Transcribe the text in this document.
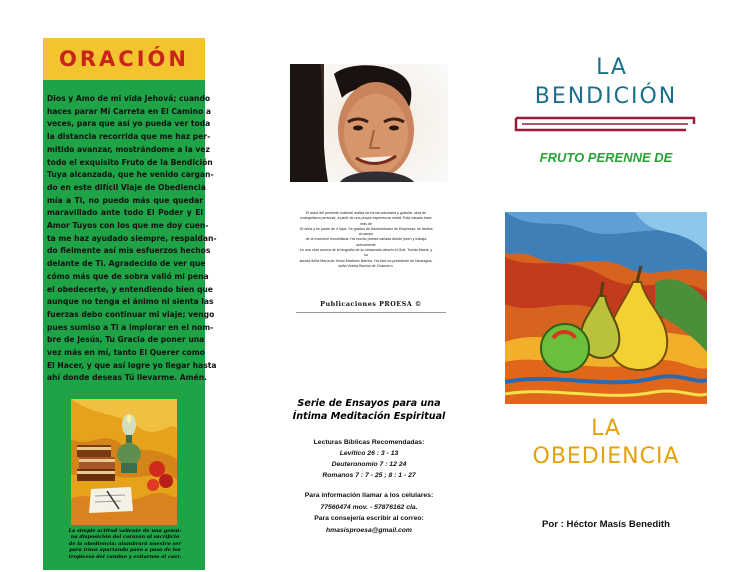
ORACIÓN
Dios y Amo de mi vida Jehová; cuando
haces parar Mi Carreta en El Camino a
veces, para que así yo pueda ver toda
la distancia recorrida que me haz per-
mitido avanzar, mostrándome a la vez
todo el exquisito Fruto de la Bendición
Tuya alcanzada, que he venido cargan-
do en este difícil Viaje de Obediencia
mía a Ti, no puedo más que quedar
maravillado ante todo El Poder y El
Amor Tuyos con los que me doy cuen-
ta me haz ayudado siempre, respaldan-
do fielmente así mis esfuerzos hechos
delante de Ti. Agradecido de ver que
cómo más que de sobra valió mi pena
el obedecerte, y entendiendo bien que
aunque no tenga el ánimo ni sienta las
fuerzas debo continuar mi viaje; vengo
pues sumiso a Ti a implorar en el nom-
bre de Jesús, Tu Gracia de poner una
vez más en mí, tanto El Querer como
El Hacer, y que así logre yo llegar hasta
ahí donde deseas Tú llevarme. Amén.
La simple actitud valiente de una genui-
na disposición del corazón al sacrificio
de la obediencia; alumbrará nuestro ser
para irnos apartando paso a paso de los
tropiezos del camino y evitarnos el caer.
El autor del presente material realiza de forma voluntaria y gratuita, obra de
evangelismo personal, a partir de una propia experiencia vivida. Está casado hace más de
30 años y es padre de 4 hijos. Se graduó de Administrador de Empresas, se dedica al campo
de la Inversión Inmobiliaria. Ha escrito poesía variada desde joven y trabaja activamente
en una obra acerca de la biografía de su destacado abuelo el Gral. Tomás Masís, y su
abuela doña María de Jesús Martínez Barrios. Ha sido ex-presidente de Nicaragua,
doña Violeta Barrios de Chamorro.
Publicaciones PROESA ©
Serie de Ensayos para una
Íntima Meditación Espiritual
Lecturas Bíblicas Recomendadas:
Levítico 26 : 3 - 13
Deuteronomio 7 : 12 24
Romanos 7 : 7 - 25 ; 8 : 1 - 27
Para información llamar a los celulares:
77560474 mov. - 57876162 cla.
Para consejería escribir al correo:
hmasisproesa@gmail.com
LA
BENDICIÓN
FRUTO PERENNE DE
LA
OBEDIENCIA
Por : Héctor Masís Benedith
